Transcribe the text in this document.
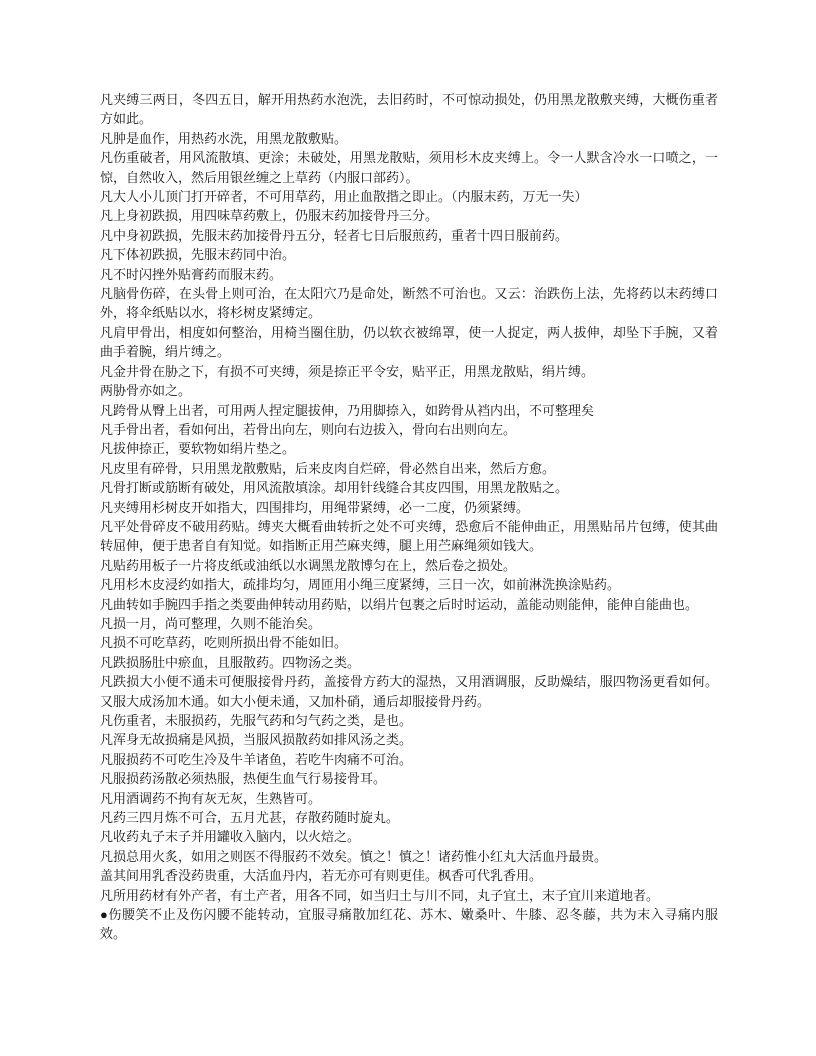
凡夹缚三两日，冬四五日，解开用热药水泡洗，去旧药时，不可惊动损处，仍用黑龙散敷夹缚，大概伤重者方如此。

凡肿是血作，用热药水洗，用黑龙散敷贴。

凡伤重破者，用风流散填、更涂；未破处，用黑龙散贴，须用杉木皮夹缚上。令一人默含冷水一口喷之，一惊，自然收入，然后用银丝缠之上草药（内服口部药）。

凡大人小儿顶门打开碎者，不可用草药，用止血散揩之即止。（内服末药，万无一失）

凡上身初跌损，用四味草药敷上，仍服末药加接骨丹三分。

凡中身初跌损，先服末药加接骨丹五分，轻者七日后服煎药，重者十四日服前药。

凡下体初跌损，先服末药同中治。

凡不时闪挫外贴膏药而服末药。

凡脑骨伤碎，在头骨上则可治，在太阳穴乃是命处，断然不可治也。又云：治跌伤上法，先将药以末药缚口外，将伞纸贴以水，将杉树皮紧缚定。

凡肩甲骨出，相度如何整治，用椅当圈住肋，仍以软衣被绵罩，使一人捉定，两人拔伸，却坠下手腕，又着曲手着腕，绢片缚之。

凡金井骨在胁之下，有损不可夹缚，须是捺正平令安，贴平正，用黑龙散贴，绢片缚。

两胁骨亦如之。

凡跨骨从臀上出者，可用两人捏定腿拔伸，乃用脚捺入，如跨骨从裆内出，不可整理矣

凡手骨出者，看如何出，若骨出向左，则向右边拔入，骨向右出则向左。

凡拔伸捺正，要软物如绢片垫之。

凡皮里有碎骨，只用黑龙散敷贴，后来皮肉自烂碎，骨必然自出来，然后方愈。

凡骨打断或筋断有破处，用风流散填涂。却用针线缝合其皮四围，用黑龙散贴之。

凡夹缚用杉树皮开如指大，四围排均，用绳带紧缚，必一二度，仍须紧缚。

凡平处骨碎皮不破用药贴。缚夹大概看曲转折之处不可夹缚，恐愈后不能伸曲正，用黑贴吊片包缚，使其曲转屈伸，便于患者自有知觉。如指断正用苎麻夹缚，腿上用苎麻绳须如钱大。

凡贴药用板子一片将皮纸或油纸以水调黑龙散博匀在上，然后卷之损处。

凡用杉木皮浸约如指大，疏排均匀，周匝用小绳三度紧缚，三日一次，如前淋洗换涂贴药。

凡曲转如手腕四手指之类要曲伸转动用药贴，以绢片包裹之后时时运动，盖能动则能伸，能伸自能曲也。

凡损一月，尚可整理，久则不能治矣。

凡损不可吃草药，吃则所损出骨不能如旧。

凡跌损肠肚中瘀血，且服散药。四物汤之类。

凡跌损大小便不通未可便服接骨丹药，盖接骨方药大的湿热，又用酒调服，反助燥结，服四物汤更看如何。又服大成汤加木通。如大小便未通，又加朴硝，通后却服接骨丹药。

凡伤重者，未服损药，先服气药和匀气药之类，是也。

凡浑身无故损痛是风损，当服风损散药如排风汤之类。

凡服损药不可吃生冷及牛羊诸鱼，若吃牛肉痛不可治。

凡服损药汤散必须热服，热便生血气行易接骨耳。

凡用酒调药不拘有灰无灰，生熟皆可。

凡药三四月炼不可合，五月尤甚，存散药随时旋丸。

凡收药丸子末子并用罐收入脑内，以火焙之。

凡损总用火炙，如用之则医不得服药不效矣。慎之！慎之！诸药惟小红丸大活血丹最贵。

盖其间用乳香没药贵重，大活血丹内，若无亦可有则更佳。枫香可代乳香用。

凡所用药材有外产者，有土产者，用各不同，如当归土与川不同，丸子宜土，末子宜川来道地者。

●伤腰笑不止及伤闪腰不能转动，宜服寻痛散加红花、苏木、嫩桑叶、牛膝、忍冬藤，共为末入寻痛内服效。
